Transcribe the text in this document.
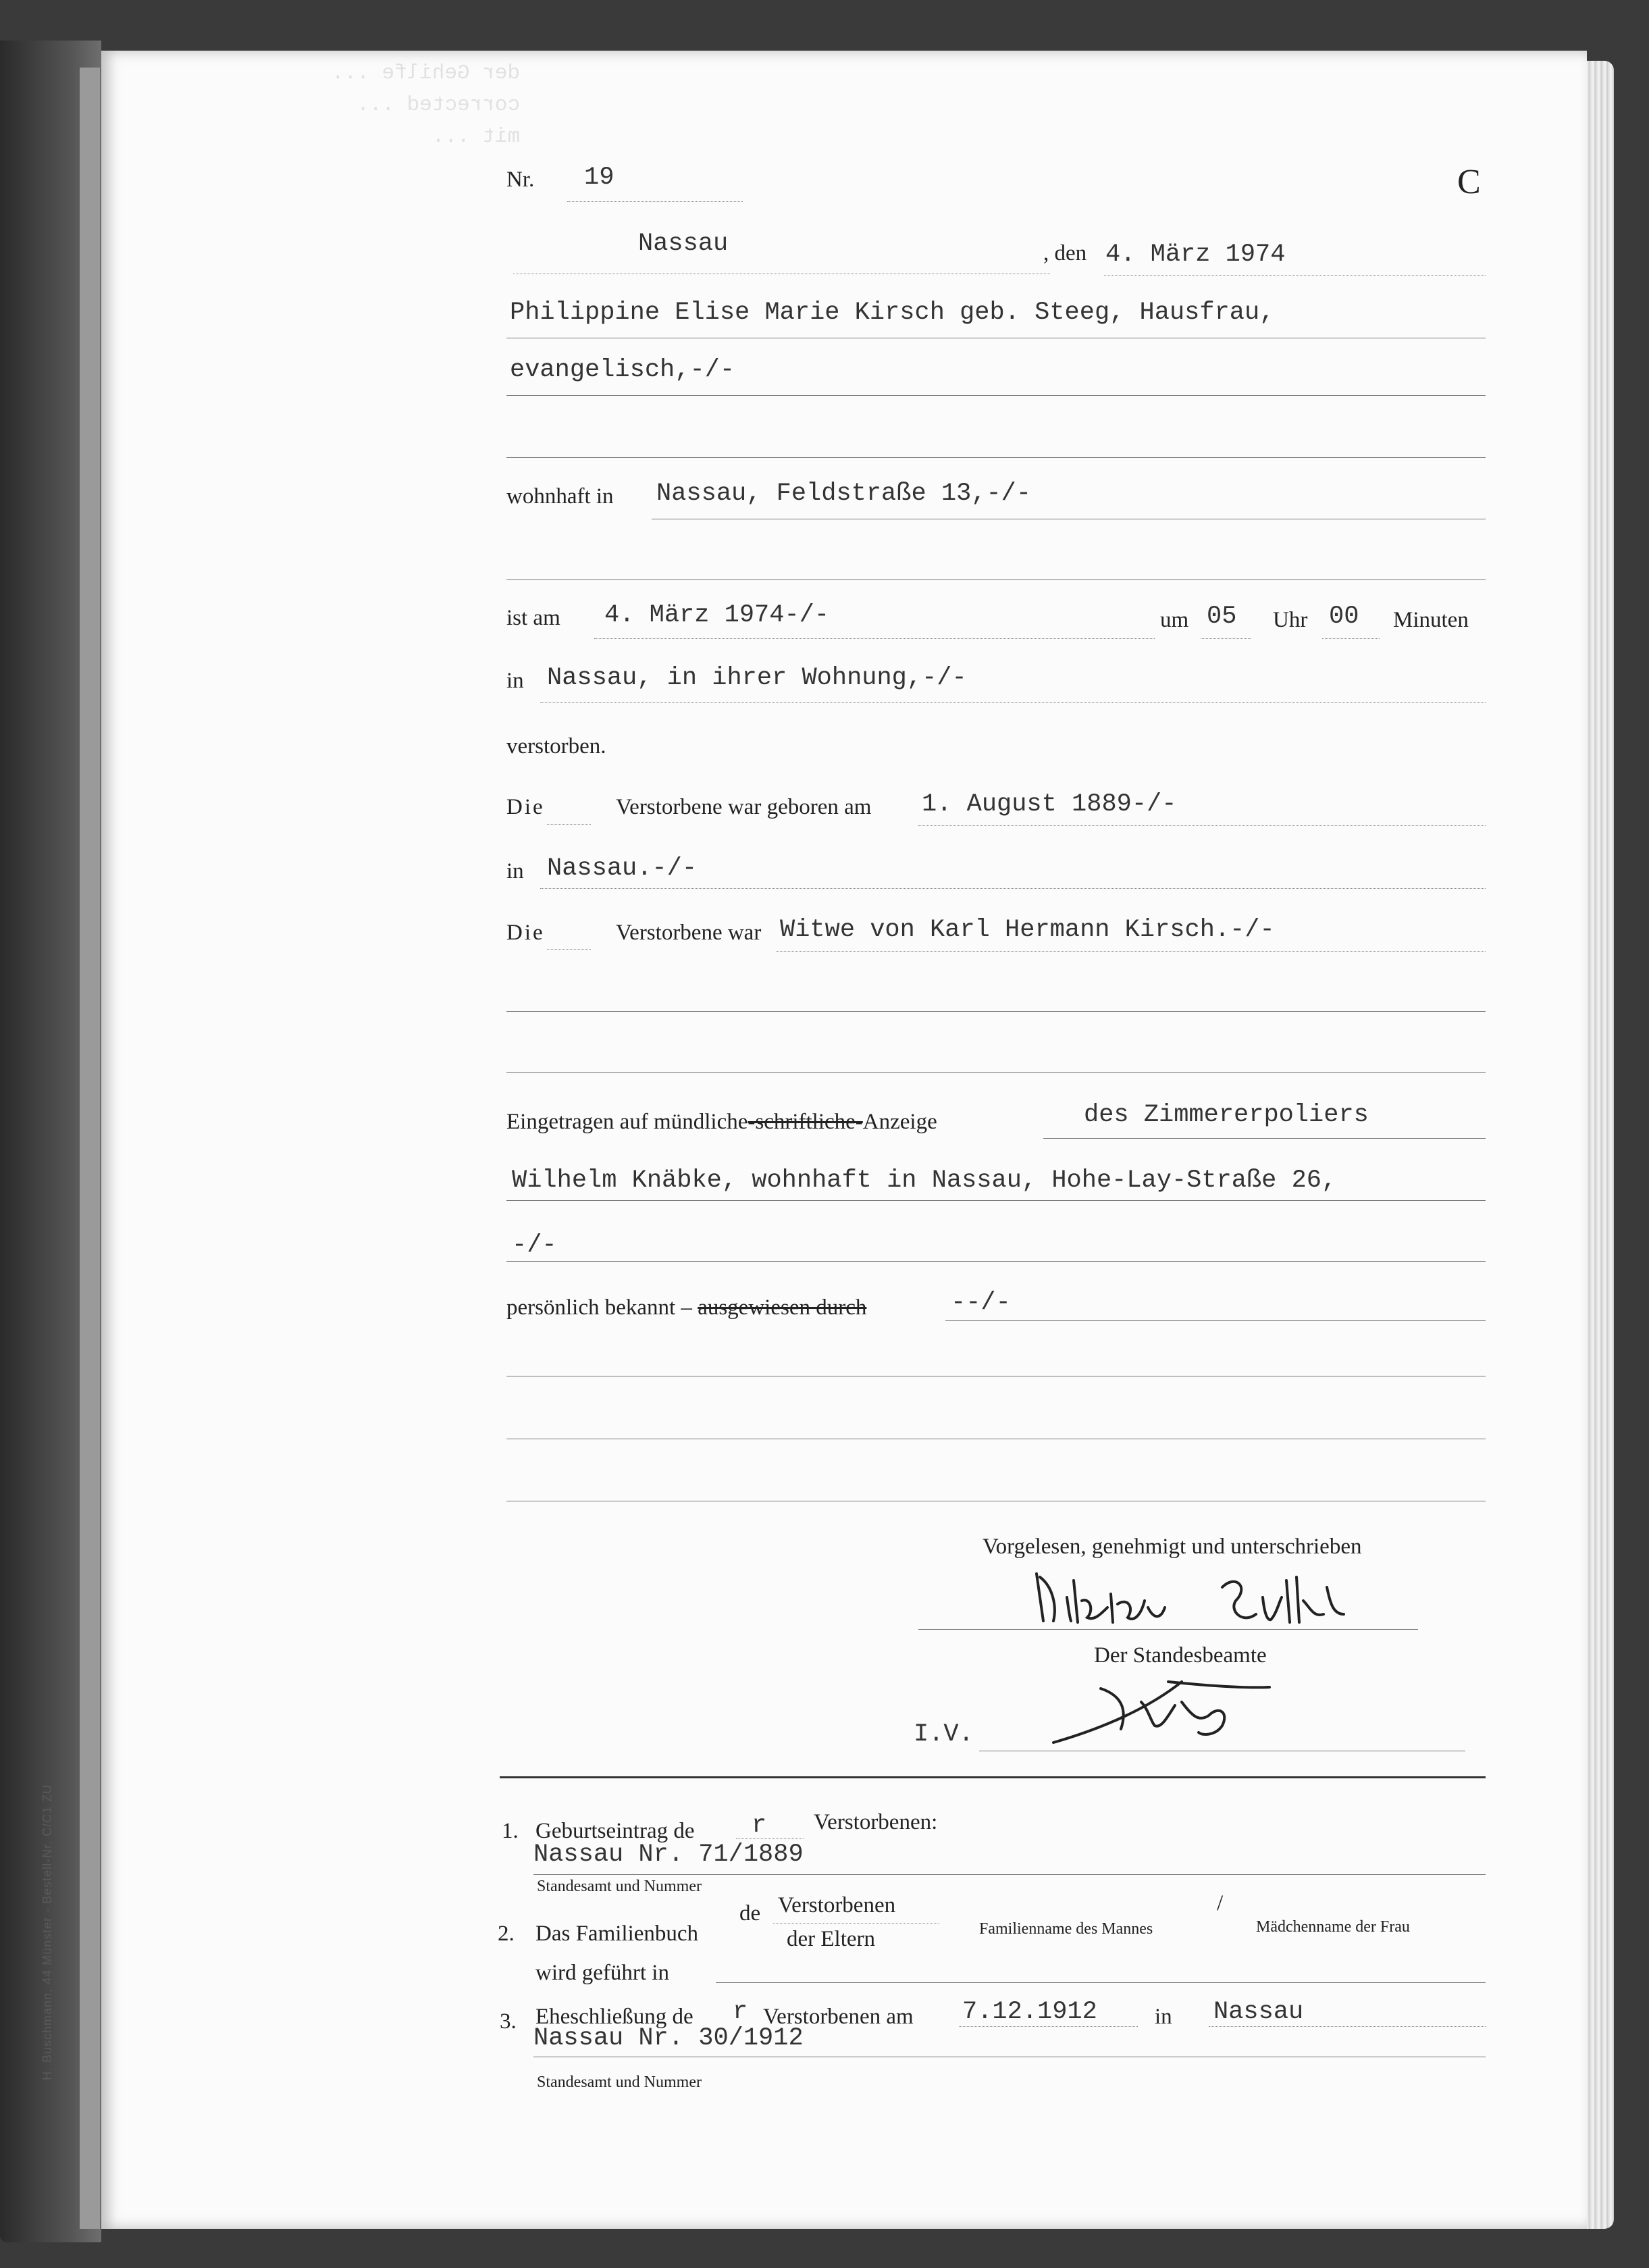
H. Buschmann, 44 Münster · Bestell-Nr. C/C1 ZU
der Gehilfe ...
corrected ...
mit ...
Nr. 19	C
Nassau	, den 4. März 1974
Philippine Elise Marie Kirsch geb. Steeg, Hausfrau,
evangelisch,-/-
wohnhaft in Nassau, Feldstraße 13,-/-
ist am 4. März 1974-/-	um 05 Uhr 00 Minuten
in Nassau, in ihrer Wohnung,-/-
verstorben.
Die	Verstorbene war geboren am 1. August 1889-/-
in Nassau.-/-
Die	Verstorbene war Witwe von Karl Hermann Kirsch.-/-
Eingetragen auf mündliche-schriftliche-Anzeige	des Zimmererpoliers
Wilhelm Knäbke, wohnhaft in Nassau, Hohe-Lay-Straße 26,
-/-
persönlich bekannt – ausgewiesen durch	--/-
Vorgelesen, genehmigt und unterschrieben
Der Standesbeamte
I.V.
1. Geburtseintrag de r Verstorbenen:
Nassau Nr. 71/1889
Standesamt und Nummer
2. Das Familienbuch
de Verstorbenen
der Eltern	Familienname des Mannes
/
Mädchenname der Frau
wird geführt in
3. Eheschließung de r Verstorbenen am 7.12.1912	in Nassau
Nassau Nr. 30/1912
Standesamt und Nummer
